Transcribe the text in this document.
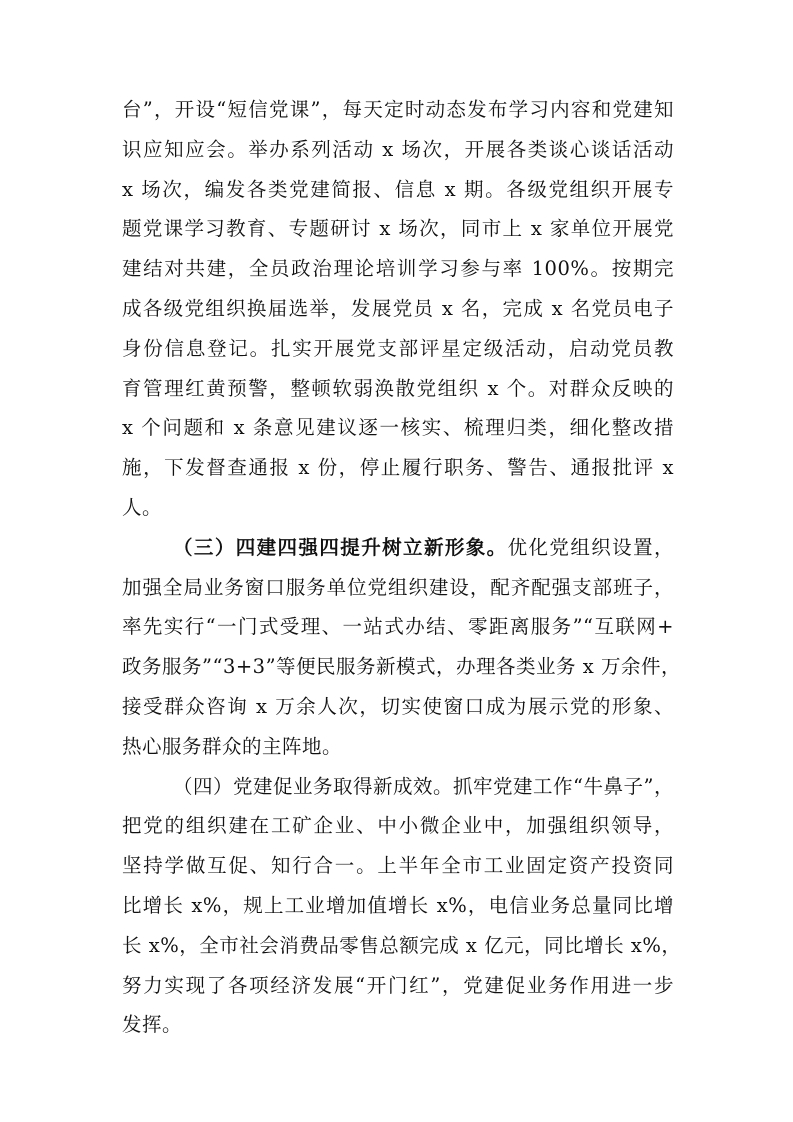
台”，开设“短信党课”，每天定时动态发布学习内容和党建知
识应知应会。举办系列活动 x 场次，开展各类谈心谈话活动
x 场次，编发各类党建简报、信息 x 期。各级党组织开展专
题党课学习教育、专题研讨 x 场次，同市上 x 家单位开展党
建结对共建，全员政治理论培训学习参与率 100%。按期完
成各级党组织换届选举，发展党员 x 名，完成 x 名党员电子
身份信息登记。扎实开展党支部评星定级活动，启动党员教
育管理红黄预警，整顿软弱涣散党组织 x 个。对群众反映的
x 个问题和 x 条意见建议逐一核实、梳理归类，细化整改措
施，下发督查通报 x 份，停止履行职务、警告、通报批评 x
人。
（三）四建四强四提升树立新形象。优化党组织设置，
加强全局业务窗口服务单位党组织建设，配齐配强支部班子，
率先实行“一门式受理、一站式办结、零距离服务”“互联网+
政务服务”“3+3”等便民服务新模式，办理各类业务 x 万余件，
接受群众咨询 x 万余人次，切实使窗口成为展示党的形象、
热心服务群众的主阵地。
（四）党建促业务取得新成效。抓牢党建工作“牛鼻子”，
把党的组织建在工矿企业、中小微企业中，加强组织领导，
坚持学做互促、知行合一。上半年全市工业固定资产投资同
比增长 x%，规上工业增加值增长 x%，电信业务总量同比增
长 x%，全市社会消费品零售总额完成 x 亿元，同比增长 x%，
努力实现了各项经济发展“开门红”，党建促业务作用进一步
发挥。
